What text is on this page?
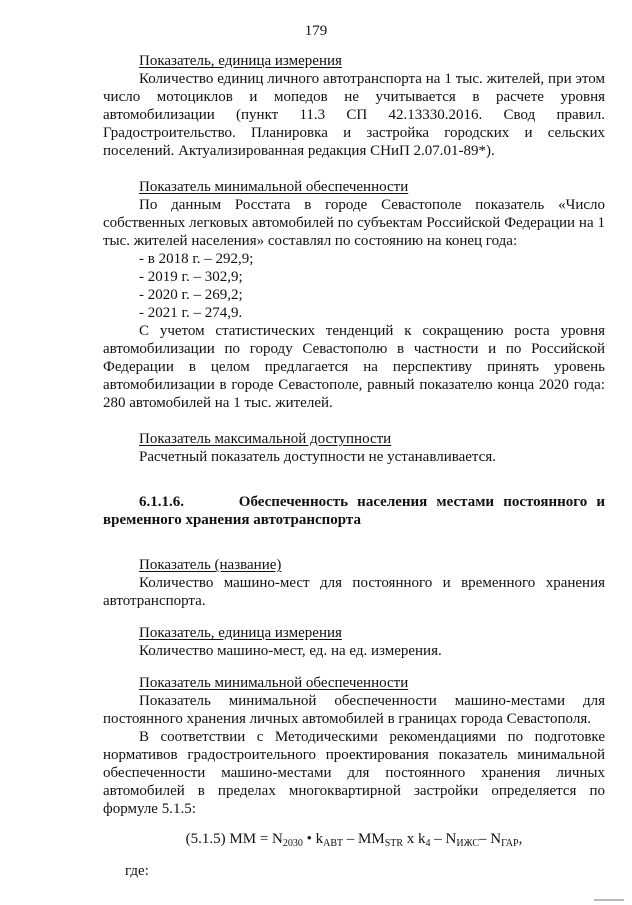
179

Показатель, единица измерения

Количество единиц личного автотранспорта на 1 тыс. жителей, при этом число мотоциклов и мопедов не учитывается в расчете уровня автомобилизации (пункт 11.3 СП 42.13330.2016. Свод правил. Градостроительство. Планировка и застройка городских и сельских поселений. Актуализированная редакция СНиП 2.07.01-89*).

Показатель минимальной обеспеченности

По данным Росстата в городе Севастополе показатель «Число собственных легковых автомобилей по субъектам Российской Федерации на 1 тыс. жителей населения» составлял по состоянию на конец года:

- в 2018 г. – 292,9;

- 2019 г. – 302,9;

- 2020 г. – 269,2;

- 2021 г. – 274,9.

С учетом статистических тенденций к сокращению роста уровня автомобилизации по городу Севастополю в частности и по Российской Федерации в целом предлагается на перспективу принять уровень автомобилизации в городе Севастополе, равный показателю конца 2020 года: 280 автомобилей на 1 тыс. жителей.

Показатель максимальной доступности

Расчетный показатель доступности не устанавливается.

6.1.1.6.	Обеспеченность населения местами постоянного и временного хранения автотранспорта

Показатель (название)

Количество машино-мест для постоянного и временного хранения автотранспорта.

Показатель, единица измерения

Количество машино-мест, ед. на ед. измерения.

Показатель минимальной обеспеченности

Показатель минимальной обеспеченности машино-местами для постоянного хранения личных автомобилей в границах города Севастополя.

В соответствии с Методическими рекомендациями по подготовке нормативов градостроительного проектирования показатель минимальной обеспеченности машино-местами для постоянного хранения личных автомобилей в пределах многоквартирной застройки определяется по формуле 5.1.5:

(5.1.5) ММ = $N_{2030}$ • $k_{АВТ} - ММ_{STR}$ х $k_4 - N_{ИЖС}-$ $N_{ГАР}$,

где:
